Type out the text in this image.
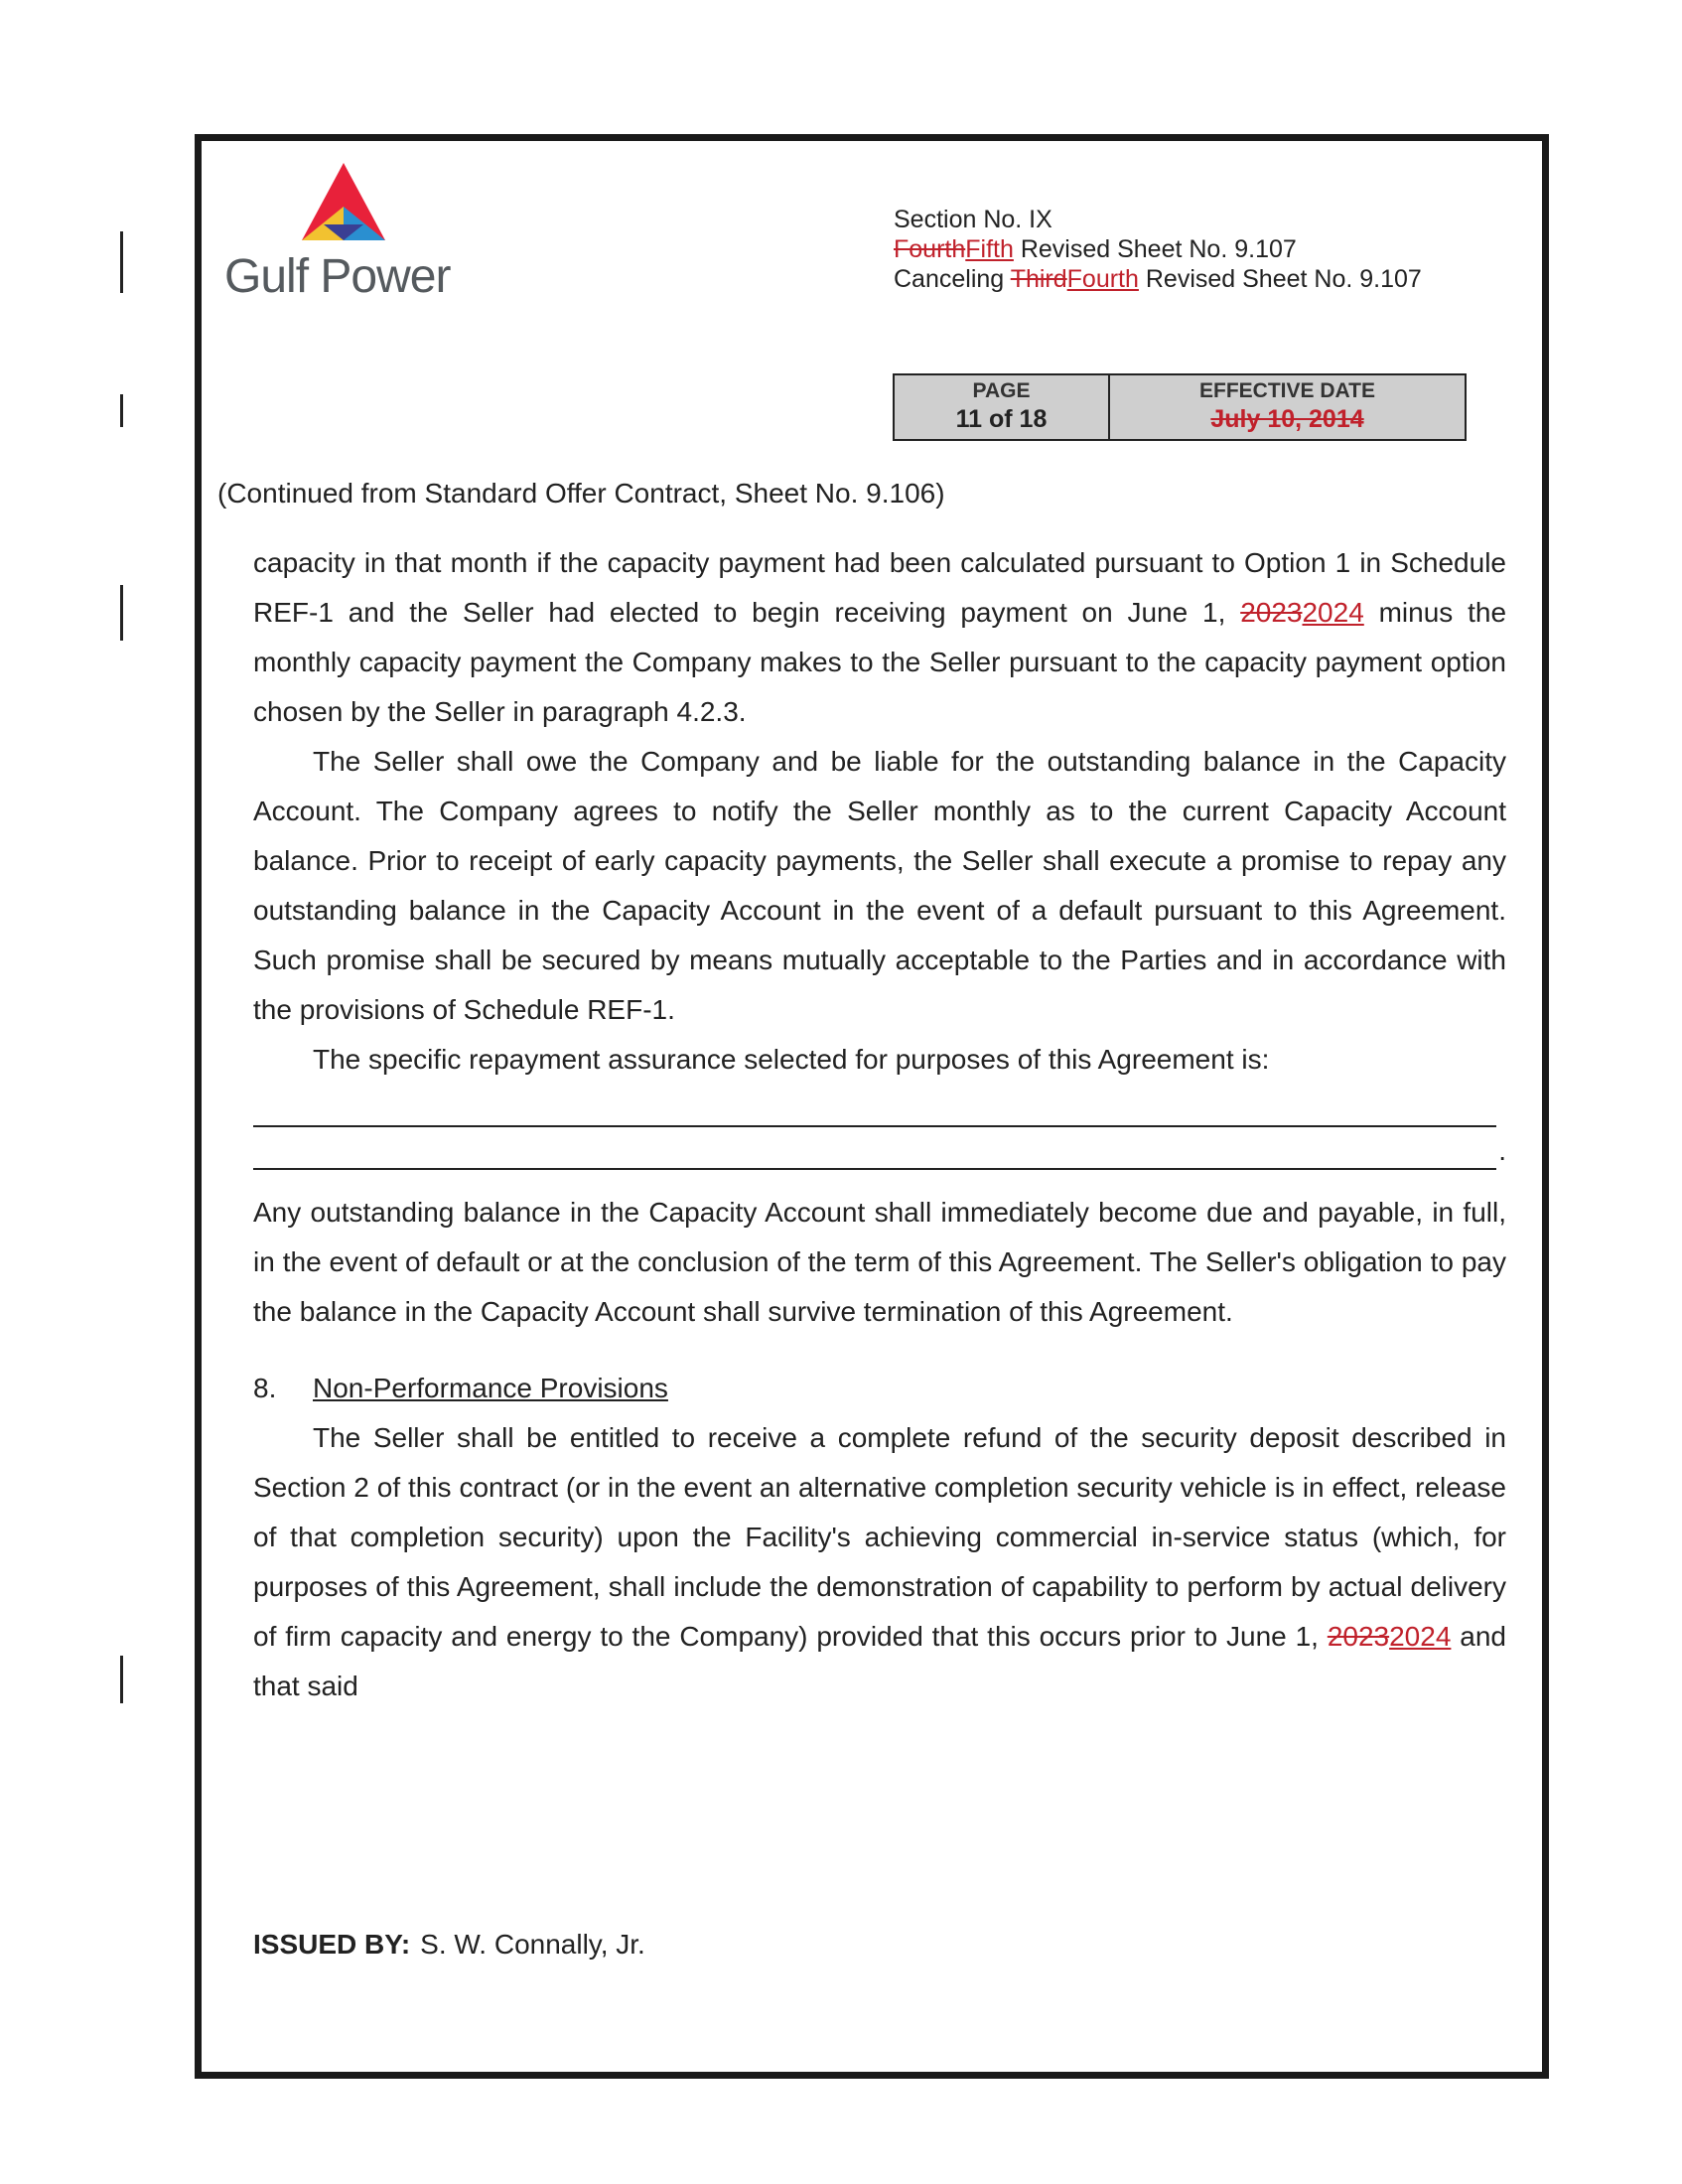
Gulf Power
Section No. IX
FourthFifth Revised Sheet No. 9.107
Canceling ThirdFourth Revised Sheet No. 9.107
PAGE
11 of 18
EFFECTIVE DATE
July 10, 2014
(Continued from Standard Offer Contract, Sheet No. 9.106)

capacity in that month if the capacity payment had been calculated pursuant to Option 1 in Schedule REF-1 and the Seller had elected to begin receiving payment on June 1, 20232024 minus the monthly capacity payment the Company makes to the Seller pursuant to the capacity payment option chosen by the Seller in paragraph 4.2.3.

The Seller shall owe the Company and be liable for the outstanding balance in the Capacity Account. The Company agrees to notify the Seller monthly as to the current Capacity Account balance. Prior to receipt of early capacity payments, the Seller shall execute a promise to repay any outstanding balance in the Capacity Account in the event of a default pursuant to this Agreement. Such promise shall be secured by means mutually acceptable to the Parties and in accordance with the provisions of Schedule REF-1.

The specific repayment assurance selected for purposes of this Agreement is:

.

Any outstanding balance in the Capacity Account shall immediately become due and payable, in full, in the event of default or at the conclusion of the term of this Agreement. The Seller's obligation to pay the balance in the Capacity Account shall survive termination of this Agreement.

8. Non-Performance Provisions

The Seller shall be entitled to receive a complete refund of the security deposit described in Section 2 of this contract (or in the event an alternative completion security vehicle is in effect, release of that completion security) upon the Facility's achieving commercial in-service status (which, for purposes of this Agreement, shall include the demonstration of capability to perform by actual delivery of firm capacity and energy to the Company) provided that this occurs prior to June 1, 20232024 and that said

ISSUED BY: S. W. Connally, Jr.
